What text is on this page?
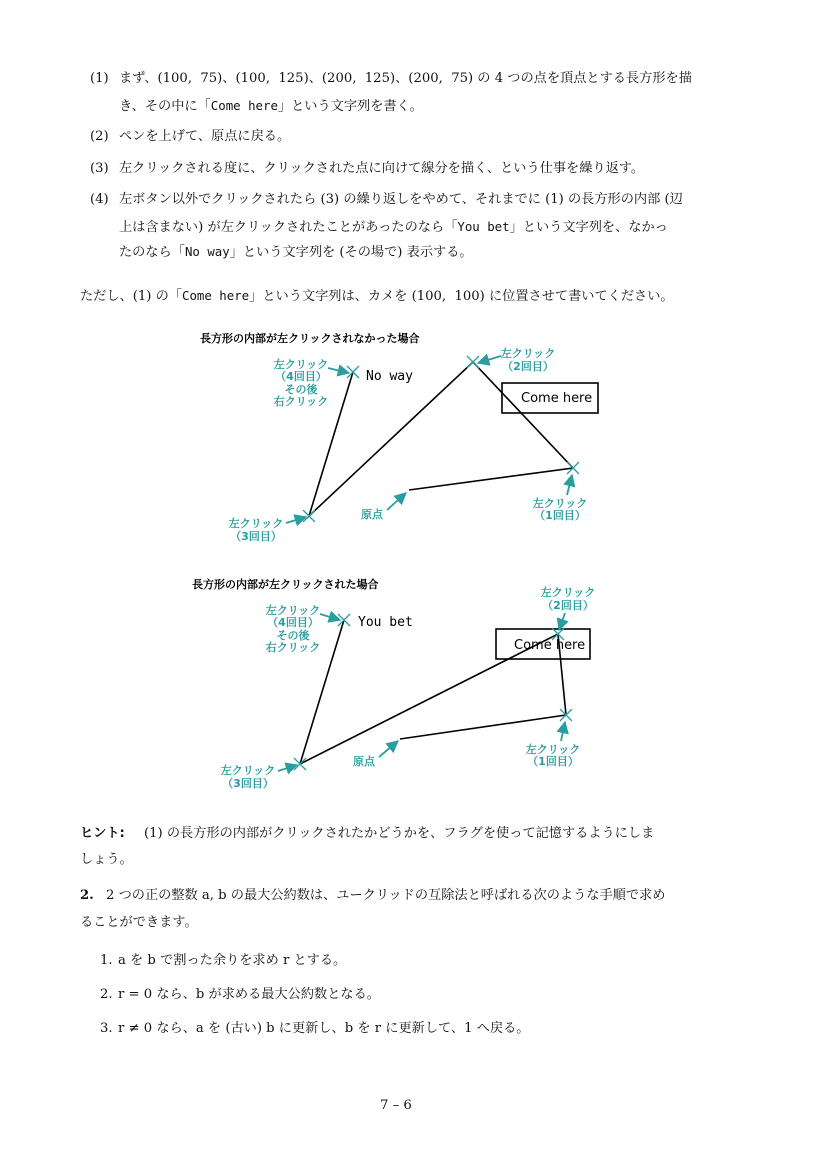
(1) まず、(100,  75)、(100,  125)、(200,  125)、(200,  75) の 4 つの点を頂点とする長方形を描
き、その中に「Come here」という文字列を書く。
(2) ペンを上げて、原点に戻る。
(3) 左クリックされる度に、クリックされた点に向けて線分を描く、という仕事を繰り返す。
(4) 左ボタン以外でクリックされたら (3) の繰り返しをやめて、それまでに (1) の長方形の内部 (辺
上は含まない) が左クリックされたことがあったのなら「You bet」という文字列を、なかっ
たのなら「No way」という文字列を (その場で) 表示する。
ただし、(1) の「Come here」という文字列は、カメを (100,  100) に位置させて書いてください。
長方形の内部が左クリックされなかった場合
Come here
No way
左クリック
（4回目）
その後
右クリック
左クリック
（2回目）
左クリック
（3回目）
左クリック
（1回目）
原点
長方形の内部が左クリックされた場合
Come here
You bet
左クリック
（4回目）
その後
右クリック
左クリック
（2回目）
左クリック
（3回目）
左クリック
（1回目）
原点
ヒント: (1) の長方形の内部がクリックされたかどうかを、フラグを使って記憶するようにしま
しょう。
2. 2 つの正の整数 a, b の最大公約数は、ユークリッドの互除法と呼ばれる次のような手順で求め
ることができます。
1. a を b で割った余りを求め r とする。
2. r = 0 なら、b が求める最大公約数となる。
3. r ≠ 0 なら、a を (古い) b に更新し、b を r に更新して、1 へ戻る。
7 – 6
